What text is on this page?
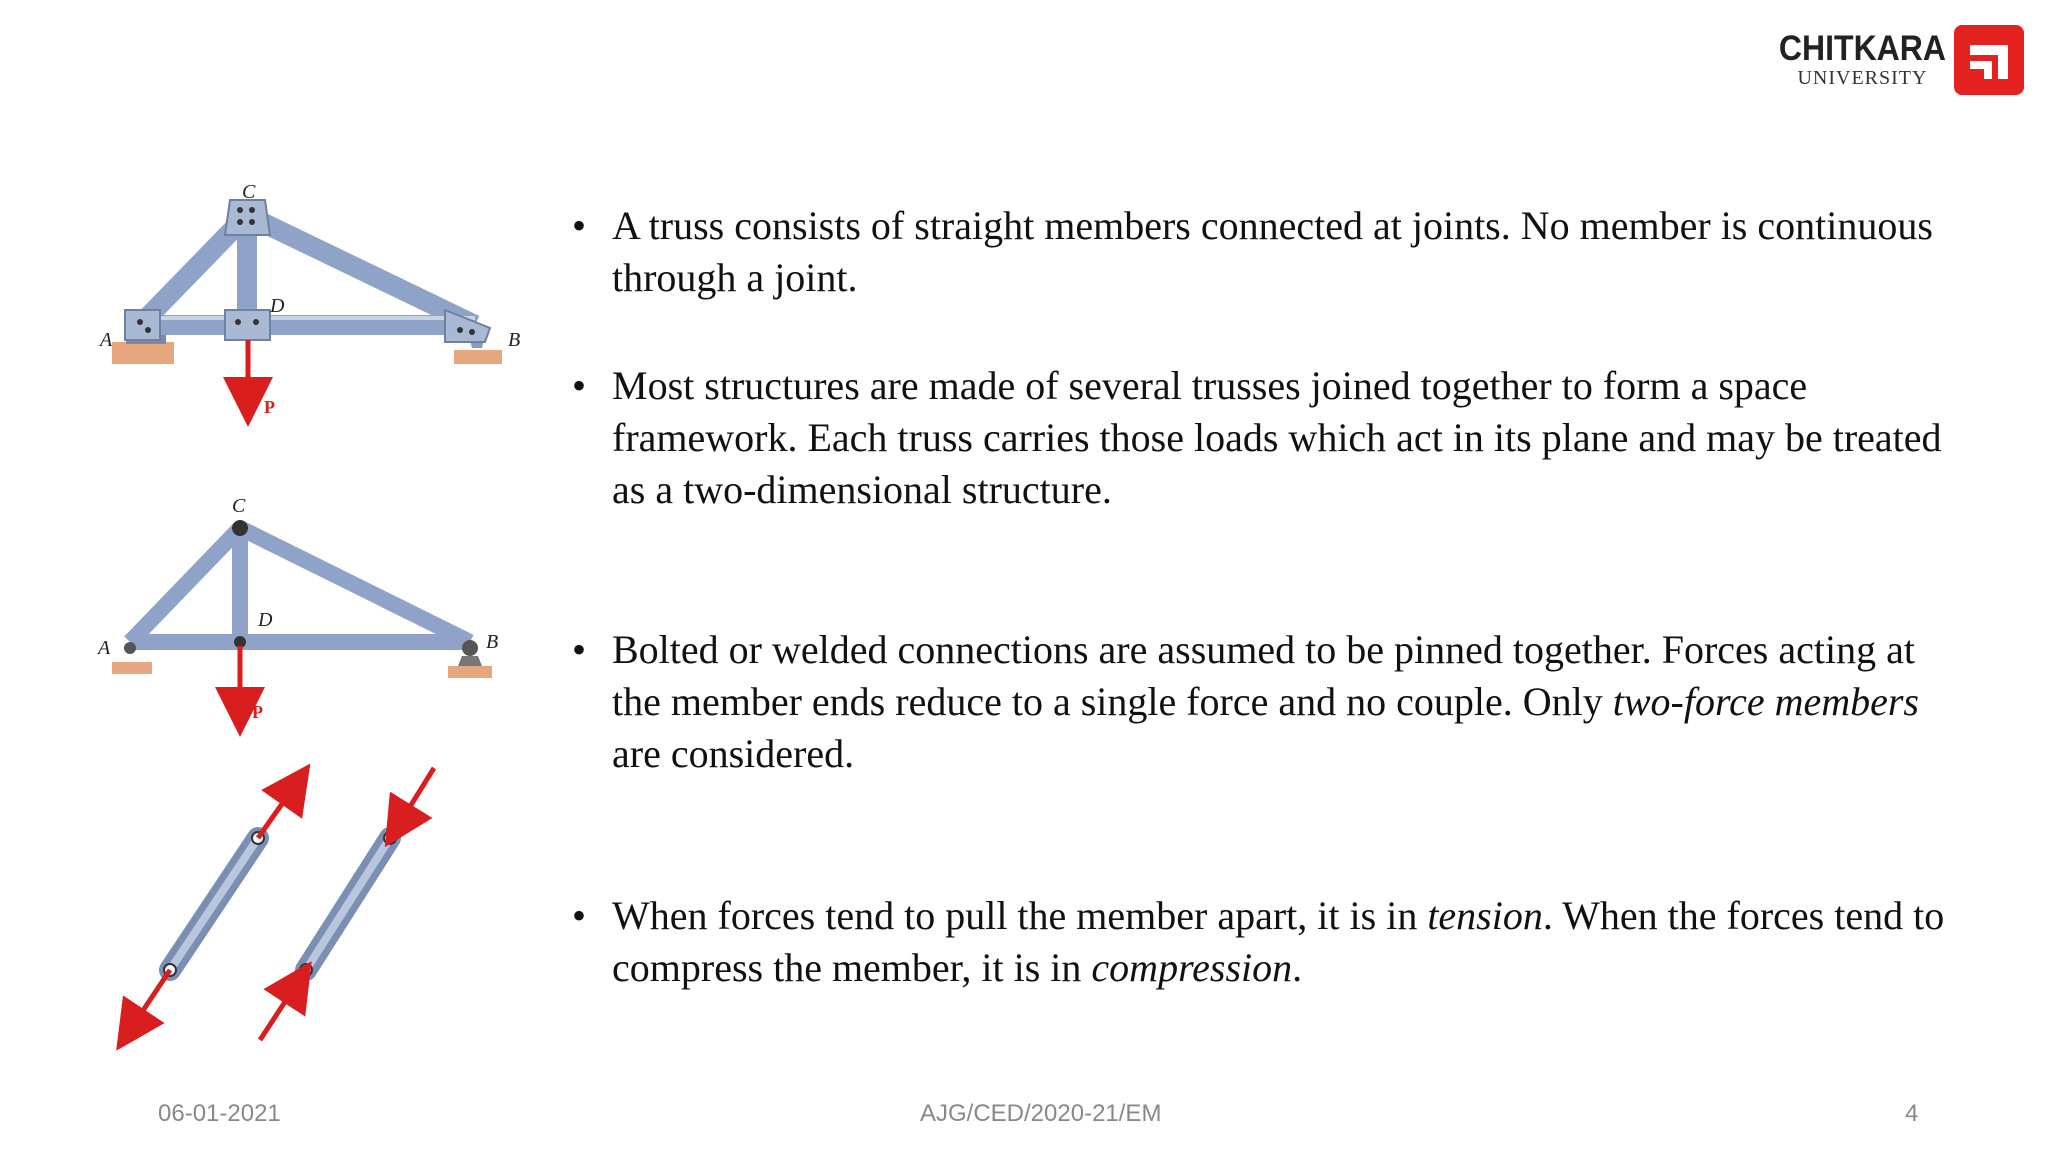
CHITKARA
UNIVERSITY
C
D
A	B
P
C
D
A	B
P
• A truss consists of straight members connected at joints. No member is continuous through a joint.
• Most structures are made of several trusses joined together to form a space framework. Each truss carries those loads which act in its plane and may be treated as a two-dimensional structure.
• Bolted or welded connections are assumed to be pinned together. Forces acting at the member ends reduce to a single force and no couple. Only two-force members are considered.
• When forces tend to pull the member apart, it is in tension. When the forces tend to compress the member, it is in compression.
06-01-2021	AJG/CED/2020-21/EM	4
